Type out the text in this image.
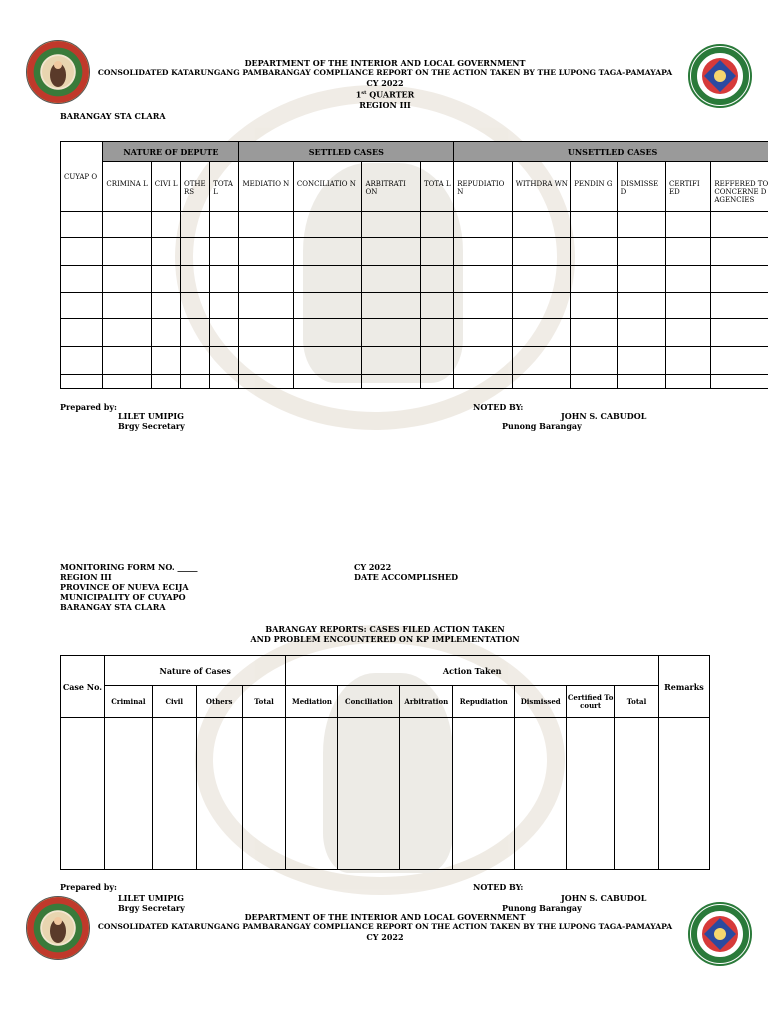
DEPARTMENT OF THE INTERIOR AND LOCAL GOVERNMENT
CONSOLIDATED KATARUNGANG PAMBARANGAY COMPLIANCE REPORT ON THE ACTION TAKEN BY THE LUPONG TAGA-PAMAYAPA
CY 2022
1st QUARTER
REGION III
BARANGAY STA CLARA
CUYAP O	NATURE OF DEPUTE				SETTLED CASES				UNSETTLED CASES					
	CRIMINA L	CIVI L	OTHE RS	TOTA L	MEDIATIO N	CONCILIATIO N	ARBITRATI ON	TOTA L	REPUDIATIO N	WITHDRA WN	PENDIN G	DISMISSE D	CERTIFI ED	REFFERED TO CONCERNE D AGENCIES

Prepared by:
LILET UMIPIG
Brgy Secretary
NOTED BY:
JOHN S. CABUDOL
Punong Barangay
MONITORING FORM NO. _____
REGION III
PROVINCE OF NUEVA ECIJA
MUNICIPALITY OF CUYAPO
BARANGAY STA CLARA
CY 2022
DATE ACCOMPLISHED
BARANGAY REPORTS: CASES FILED ACTION TAKEN
AND PROBLEM ENCOUNTERED ON KP IMPLEMENTATION
Case No.	Nature of Cases				Action Taken							Remarks
	Criminal	Civil	Others	Total	Mediation	Conciliation	Arbitration	Repudiation	Dismissed	Certified To court	Total	

Prepared by:
LILET UMIPIG
Brgy Secretary
NOTED BY:
JOHN S. CABUDOL
Punong Barangay
DEPARTMENT OF THE INTERIOR AND LOCAL GOVERNMENT
CONSOLIDATED KATARUNGANG PAMBARANGAY COMPLIANCE REPORT ON THE ACTION TAKEN BY THE LUPONG TAGA-PAMAYAPA
CY 2022
